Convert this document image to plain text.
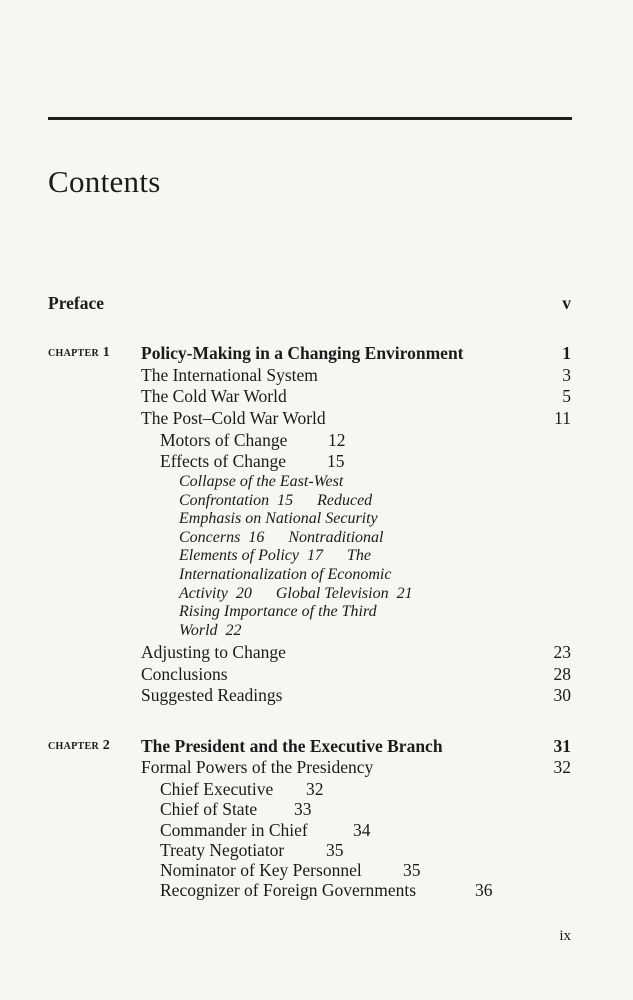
Contents
Preface	v
chapter 1 Policy-Making in a Changing Environment	1
The International System	3
The Cold War World	5
The Post–Cold War World	11
Motors of Change 12
Effects of Change 15
Collapse of the East-West
Confrontation  15      Reduced
Emphasis on National Security
Concerns  16      Nontraditional
Elements of Policy  17      The
Internationalization of Economic
Activity  20      Global Television  21
Rising Importance of the Third
World  22
Adjusting to Change	23
Conclusions	28
Suggested Readings	30
chapter 2 The President and the Executive Branch	31
Formal Powers of the Presidency	32
Chief Executive 32
Chief of State 33
Commander in Chief	34
Treaty Negotiator 35
Nominator of Key Personnel 35
Recognizer of Foreign Governments	36
ix
